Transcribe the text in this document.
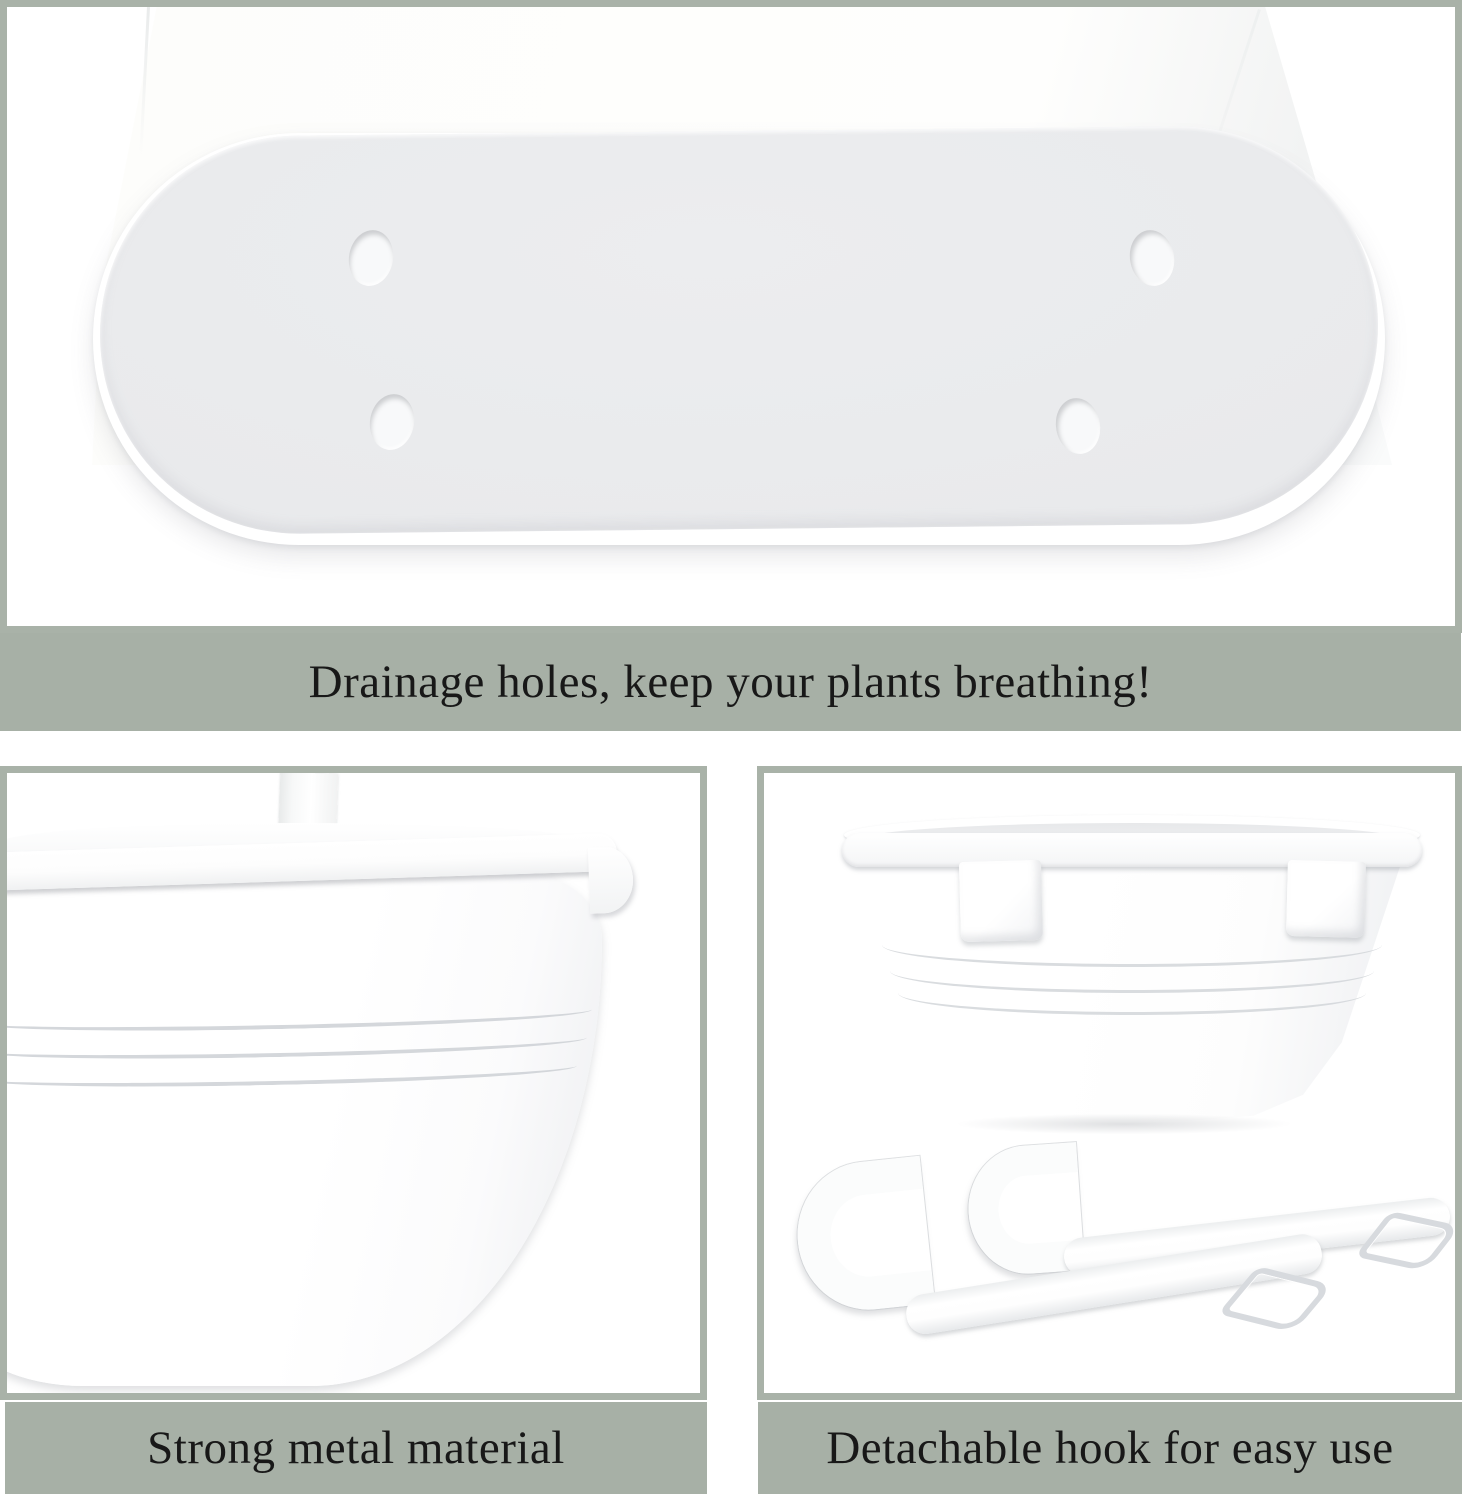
Drainage holes, keep your plants breathing!
Strong metal material	Detachable hook for easy use
